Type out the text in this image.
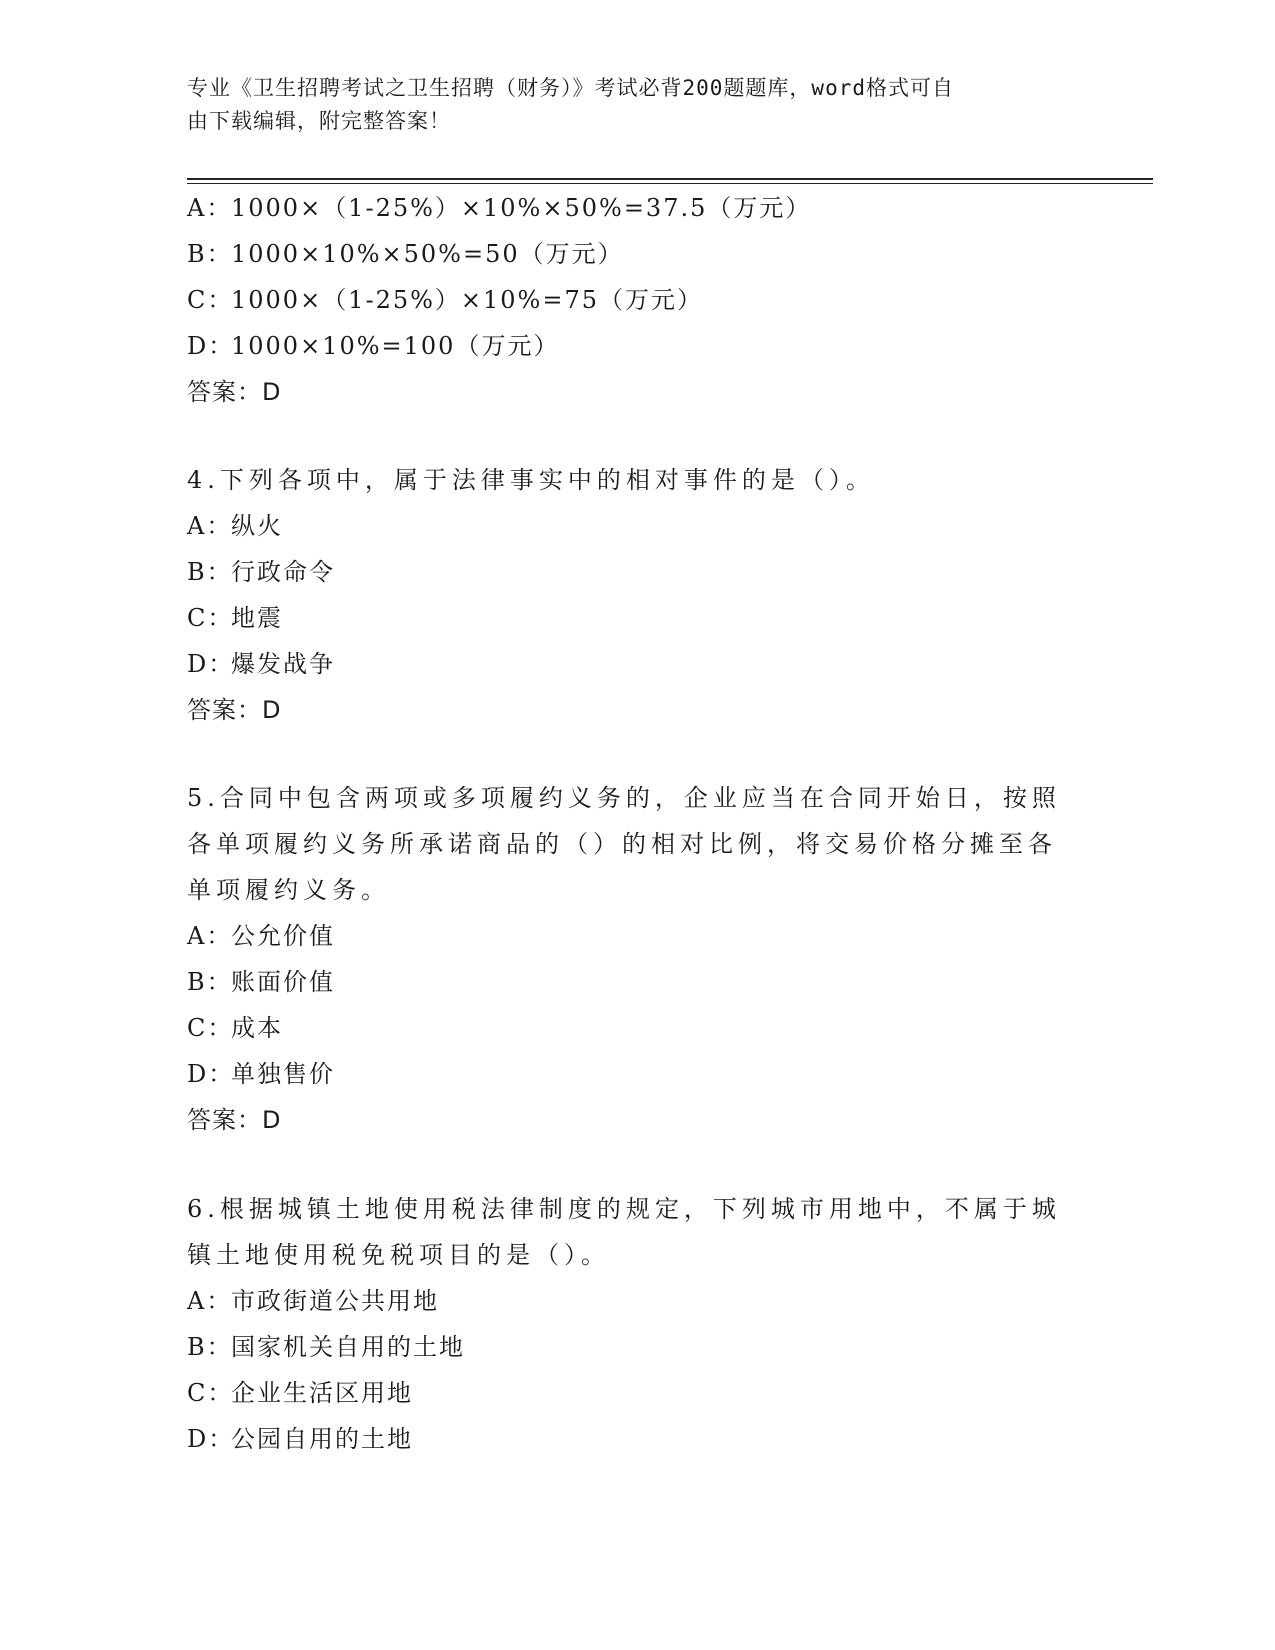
专业《卫生招聘考试之卫生招聘（财务）》考试必背200题题库，word格式可自
由下载编辑，附完整答案！
A：1000×（1-25%）×10%×50%=37.5（万元）
B：1000×10%×50%=50（万元）
C：1000×（1-25%）×10%=75（万元）
D：1000×10%=100（万元）
答案：D
4.下列各项中，属于法律事实中的相对事件的是（）。
A：纵火
B：行政命令
C：地震
D：爆发战争
答案：D
5.合同中包含两项或多项履约义务的，企业应当在合同开始日，按照
各单项履约义务所承诺商品的（）的相对比例，将交易价格分摊至各
单项履约义务。
A：公允价值
B：账面价值
C：成本
D：单独售价
答案：D
6.根据城镇土地使用税法律制度的规定，下列城市用地中，不属于城
镇土地使用税免税项目的是（）。
A：市政街道公共用地
B：国家机关自用的土地
C：企业生活区用地
D：公园自用的土地
